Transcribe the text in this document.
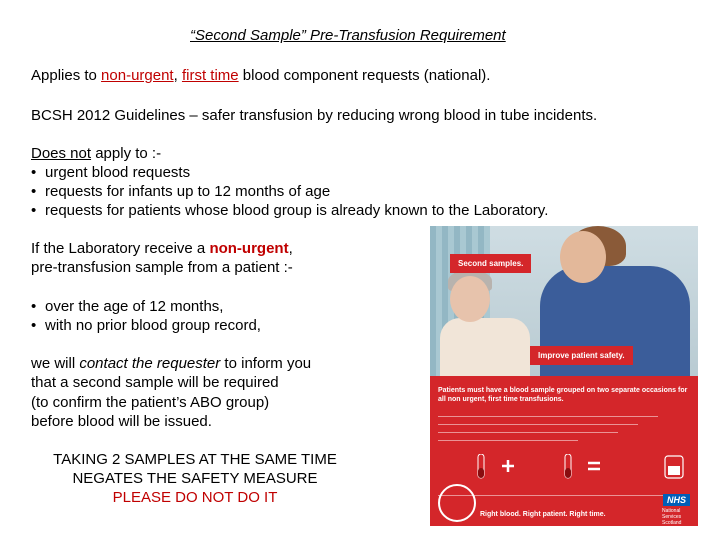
“Second Sample” Pre-Transfusion Requirement
Applies to non-urgent, first time blood component requests (national).
BCSH 2012 Guidelines – safer transfusion by reducing wrong blood in tube incidents.
Does not apply to :-
• urgent blood requests
• requests for infants up to 12 months of age
• requests for patients whose blood group is already known to the Laboratory.
If the Laboratory receive a non-urgent,
pre-transfusion sample from a patient :-
• over the age of 12 months,
• with no prior blood group record,
we will contact the requester to inform you
that a second sample will be required
(to confirm the patient’s ABO group)
before blood will be issued.
TAKING 2 SAMPLES AT THE SAME TIME
NEGATES THE SAFETY MEASURE
PLEASE DO NOT DO IT
Second samples.
Improve patient safety.
Patients must have a blood sample grouped on two separate occasions for all non urgent, first time transfusions.
Right blood. Right patient. Right time.
NHS
National Services Scotland
